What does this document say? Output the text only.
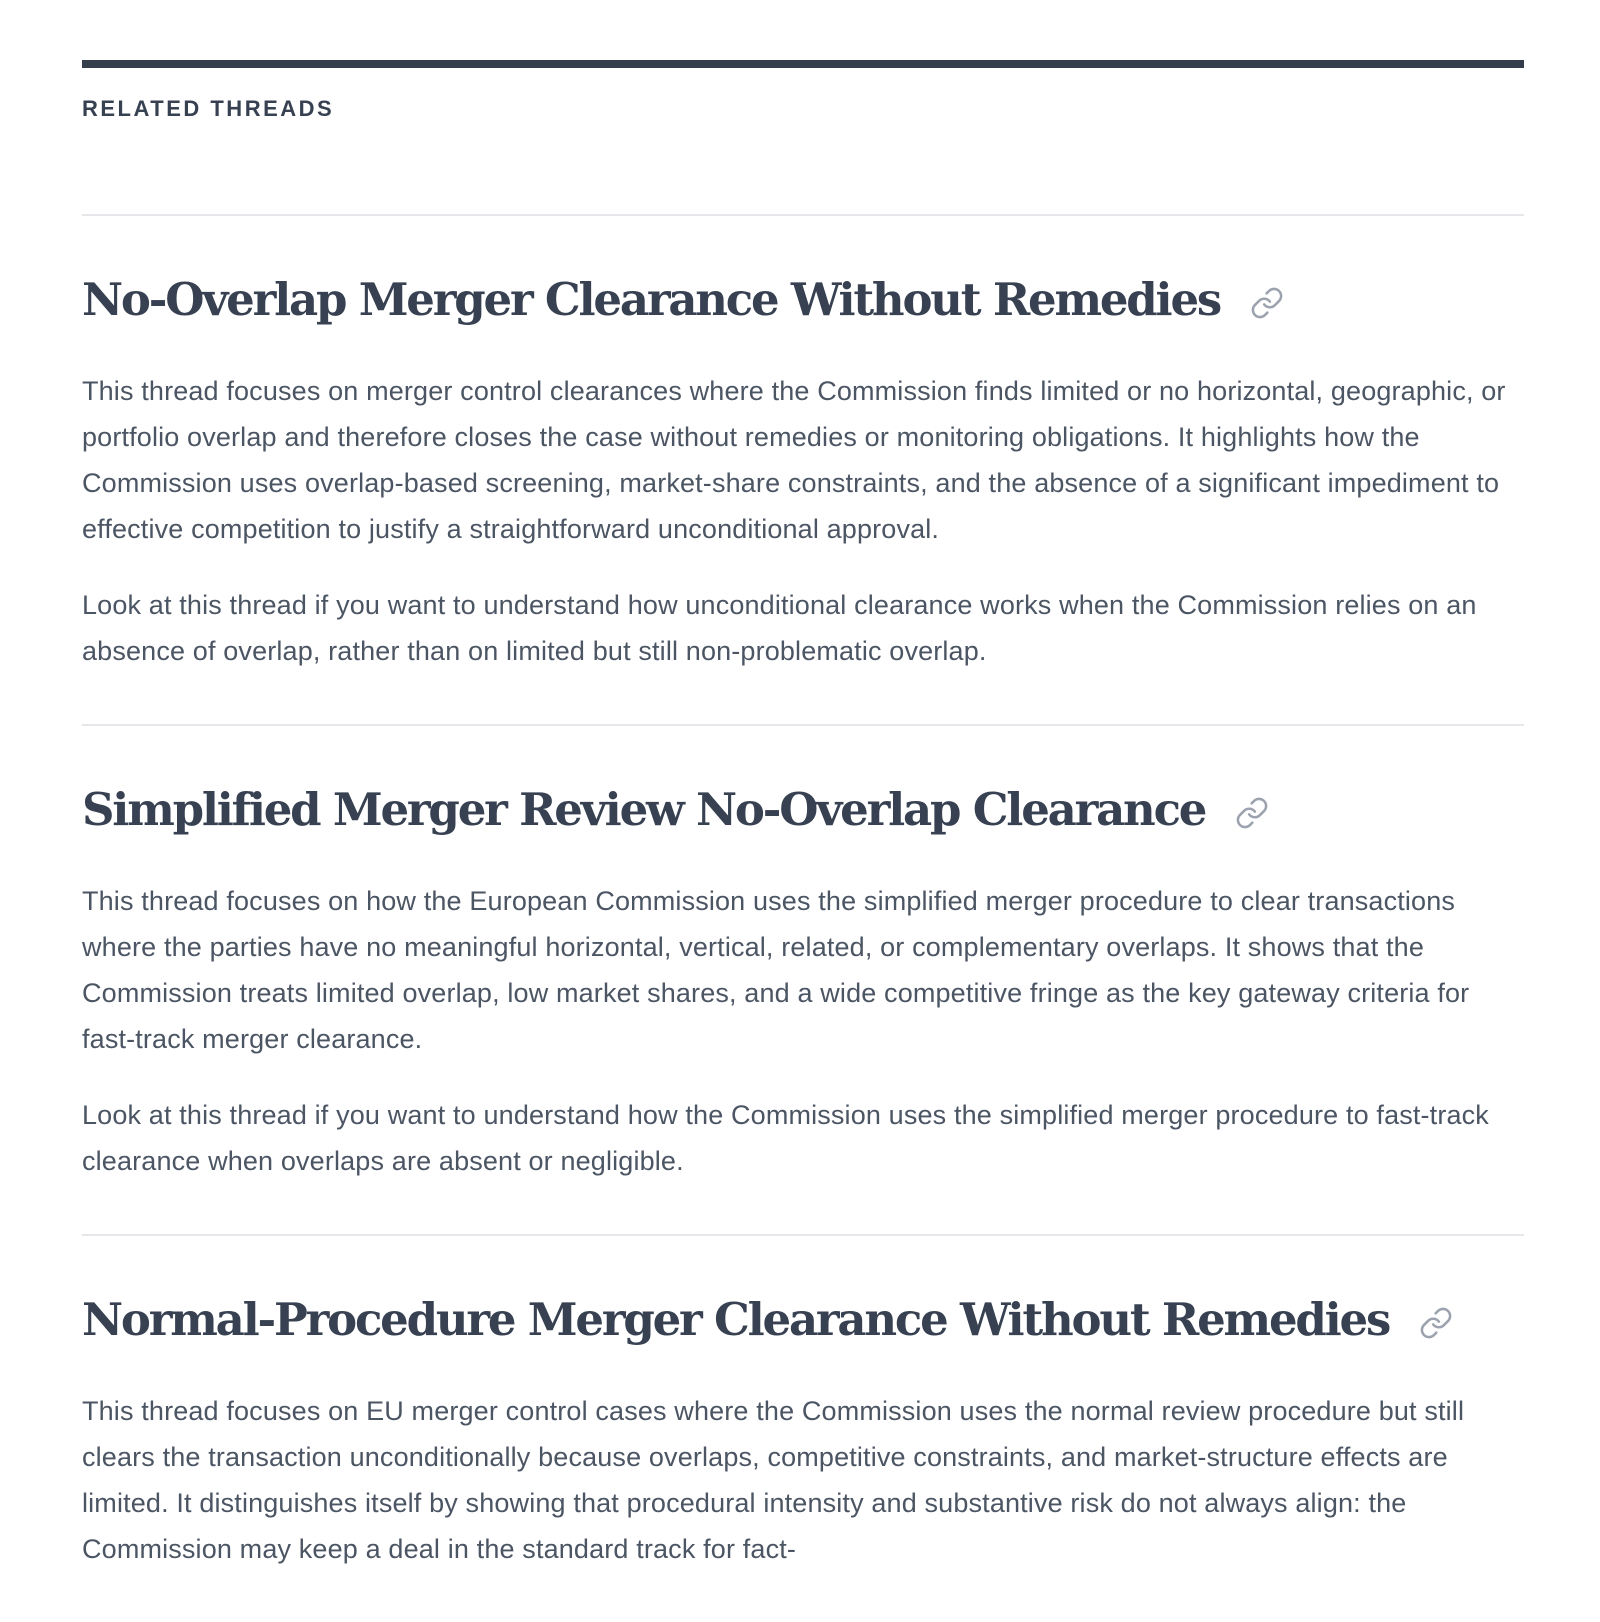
RELATED THREADS
No-Overlap Merger Clearance Without Remedies

This thread focuses on merger control clearances where the Commission finds limited or no horizontal, geographic, or portfolio overlap and therefore closes the case without remedies or monitoring obligations. It highlights how the Commission uses overlap-based screening, market-share constraints, and the absence of a significant impediment to effective competition to justify a straightforward unconditional approval.

Look at this thread if you want to understand how unconditional clearance works when the Commission relies on an absence of overlap, rather than on limited but still non-problematic overlap.

Simplified Merger Review No-Overlap Clearance

This thread focuses on how the European Commission uses the simplified merger procedure to clear transactions where the parties have no meaningful horizontal, vertical, related, or complementary overlaps. It shows that the Commission treats limited overlap, low market shares, and a wide competitive fringe as the key gateway criteria for fast-track merger clearance.

Look at this thread if you want to understand how the Commission uses the simplified merger procedure to fast-track clearance when overlaps are absent or negligible.

Normal-Procedure Merger Clearance Without Remedies

This thread focuses on EU merger control cases where the Commission uses the normal review procedure but still clears the transaction unconditionally because overlaps, competitive constraints, and market-structure effects are limited. It distinguishes itself by showing that procedural intensity and substantive risk do not always align: the Commission may keep a deal in the standard track for fact-
